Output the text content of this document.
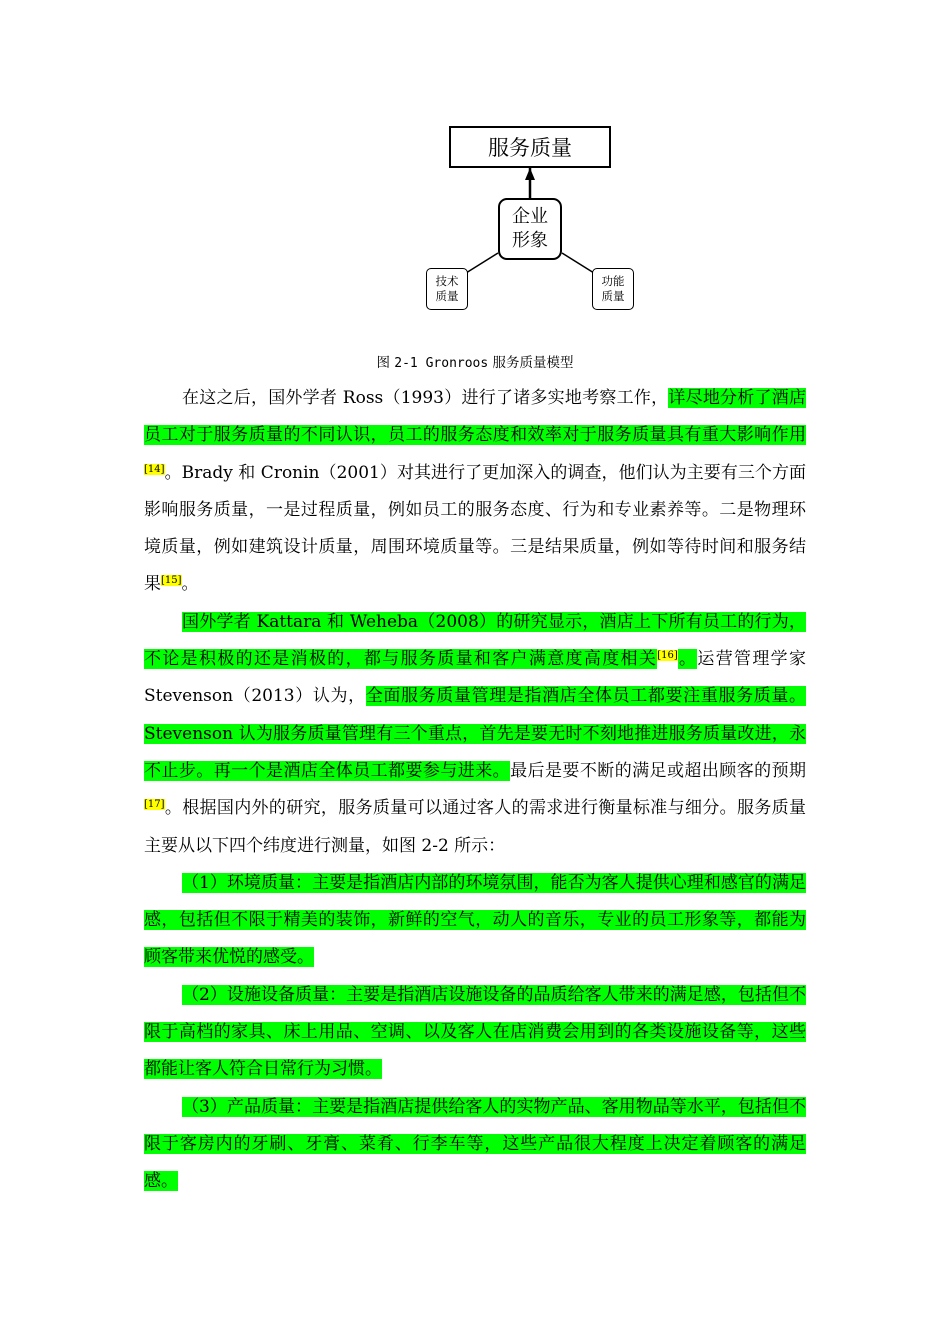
服务质量
企业
形象
技术
质量
功能
质量
图 2-1 Gronroos 服务质量模型

在这之后，国外学者 Ross（1993）进行了诸多实地考察工作，详尽地分析了酒店员工对于服务质量的不同认识，员工的服务态度和效率对于服务质量具有重大影响作用[14]。Brady 和 Cronin（2001）对其进行了更加深入的调查，他们认为主要有三个方面影响服务质量，一是过程质量，例如员工的服务态度、行为和专业素养等。二是物理环境质量，例如建筑设计质量，周围环境质量等。三是结果质量，例如等待时间和服务结果[15]。

国外学者 Kattara 和 Weheba（2008）的研究显示，酒店上下所有员工的行为，不论是积极的还是消极的，都与服务质量和客户满意度高度相关[16]。运营管理学家 Stevenson（2013）认为，全面服务质量管理是指酒店全体员工都要注重服务质量。Stevenson 认为服务质量管理有三个重点，首先是要无时不刻地推进服务质量改进，永不止步。再一个是酒店全体员工都要参与进来。最后是要不断的满足或超出顾客的预期[17]。根据国内外的研究，服务质量可以通过客人的需求进行衡量标准与细分。服务质量主要从以下四个纬度进行测量，如图 2-2 所示：

（1）环境质量：主要是指酒店内部的环境氛围，能否为客人提供心理和感官的满足感，包括但不限于精美的装饰，新鲜的空气，动人的音乐，专业的员工形象等，都能为顾客带来优悦的感受。

（2）设施设备质量：主要是指酒店设施设备的品质给客人带来的满足感，包括但不限于高档的家具、床上用品、空调、以及客人在店消费会用到的各类设施设备等，这些都能让客人符合日常行为习惯。

（3）产品质量：主要是指酒店提供给客人的实物产品、客用物品等水平，包括但不限于客房内的牙刷、牙膏、菜肴、行李车等，这些产品很大程度上决定着顾客的满足感。
